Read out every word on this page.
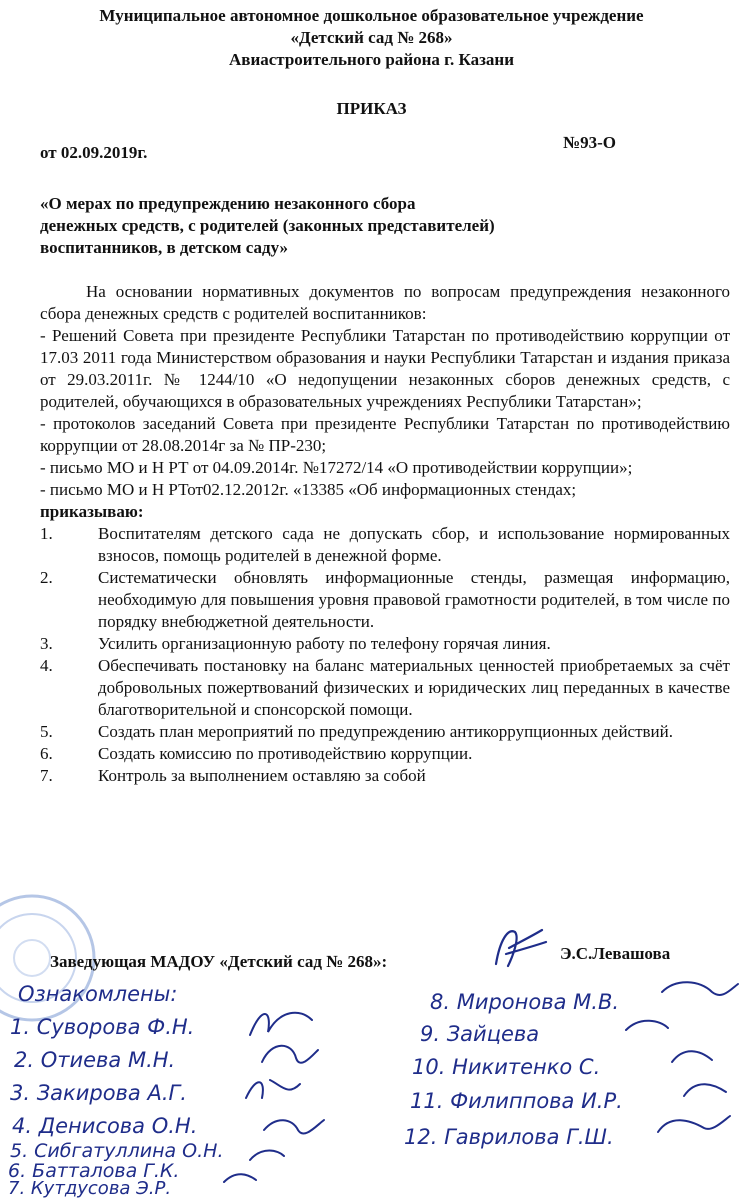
Муниципальное автономное дошкольное образовательное учреждение
«Детский сад № 268»
Авиастроительного района г. Казани
ПРИКАЗ
от 02.09.2019г.
№93-О
«О мерах по предупреждению незаконного сбора
денежных средств, с родителей (законных представителей)
воспитанников, в детском саду»

На основании нормативных документов по вопросам предупреждения незаконного сбора денежных средств с родителей воспитанников:

- Решений Совета при президенте Республики Татарстан по противодействию коррупции от 17.03 2011 года Министерством образования и науки Республики Татарстан и издания приказа от 29.03.2011г. № 1244/10 «О недопущении незаконных сборов денежных средств, с родителей, обучающихся в образовательных учреждениях Республики Татарстан»;

- протоколов заседаний Совета при президенте Республики Татарстан по противодействию коррупции от 28.08.2014г за № ПР-230;

- письмо МО и Н РТ от 04.09.2014г. №17272/14 «О противодействии коррупции»;

- письмо МО и Н РТот02.12.2012г. «13385 «Об информационных стендах;

приказываю:

1.	Воспитателям детского сада не допускать сбор, и использование нормированных взносов, помощь родителей в денежной форме.
2.	Систематически обновлять информационные стенды, размещая информацию, необходимую для повышения уровня правовой грамотности родителей, в том числе по порядку внебюджетной деятельности.
3.	Усилить организационную работу по телефону горячая линия.
4.	Обеспечивать постановку на баланс материальных ценностей приобретаемых за счёт добровольных пожертвований физических и юридических лиц переданных в качестве благотворительной и спонсорской помощи.
5.	Создать план мероприятий по предупреждению антикоррупционных действий.
6.	Создать комиссию по противодействию коррупции.
7.	Контроль за выполнением оставляю за собой
Заведующая МАДОУ «Детский сад № 268»:	Э.С.Левашова
Ознакомлены:
1. Суворова Ф.Н.
2. Отиева М.Н.
3. Закирова А.Г.
4. Денисова О.Н.
5. Сибгатуллина О.Н.
6. Батталова Г.К.
7. Кутдусова Э.Р.
8. Миронова М.В.
9. Зайцева
10. Никитенко С.
11. Филиппова И.Р.
12. Гаврилова Г.Ш.
